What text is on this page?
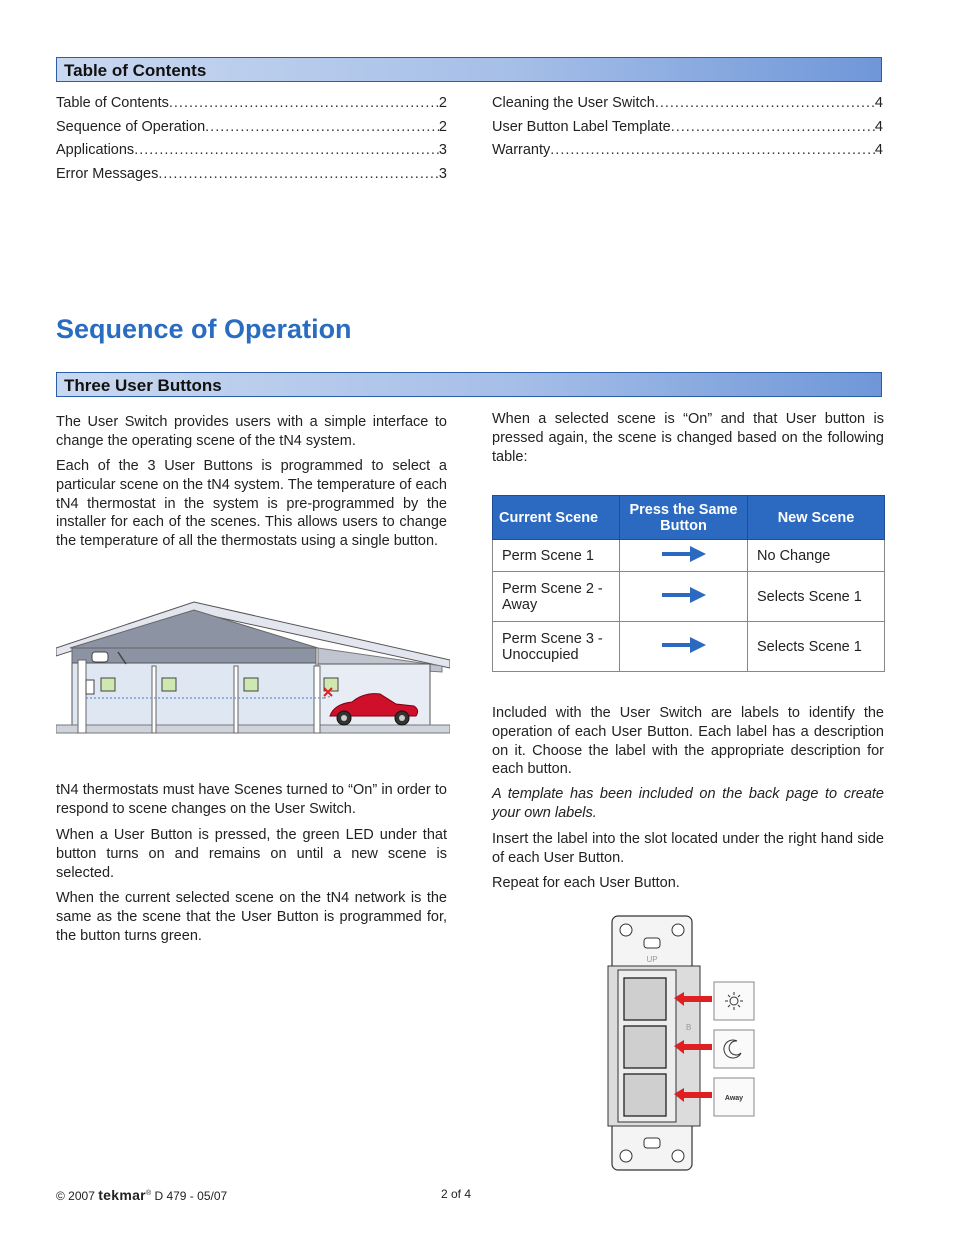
Table of Contents
Table of Contents .....	2
Sequence of Operation .....	2
Applications .....	3
Error Messages .....	3
Cleaning the User Switch .....	4
User Button Label Template .....	4
Warranty .....	4
Sequence of Operation
Three User Buttons

The User Switch provides users with a simple interface to change the operating scene of the tN4 system.

Each of the 3 User Buttons is programmed to select a particular scene on the tN4 system. The temperature of each tN4 thermostat in the system is pre-programmed by the installer for each of the scenes. This allows users to change the temperature of all the thermostats using a single button.

tN4 thermostats must have Scenes turned to “On” in order to respond to scene changes on the User Switch.

When a User Button is pressed, the green LED under that button turns on and remains on until a new scene is selected.

When the current selected scene on the tN4 network is the same as the scene that the User Button is programmed for, the button turns green.

When a selected scene is “On” and that User button is pressed again, the scene is changed based on the following table:

Current Scene	Press the Same Button	New Scene
Perm Scene 1		No Change
Perm Scene 2 - Away		Selects Scene 1
Perm Scene 3 - Unoccupied		Selects Scene 1

Included with the User Switch are labels to identify the operation of each User Button. Each label has a description on it. Choose the label with the appropriate description for each button.

A template has been included on the back page to create your own labels.

Insert the label into the slot located under the right hand side of each User Button.

Repeat for each User Button.

UP
B
Away
© 2007 tekmar® D 479 - 05/07	2 of 4
